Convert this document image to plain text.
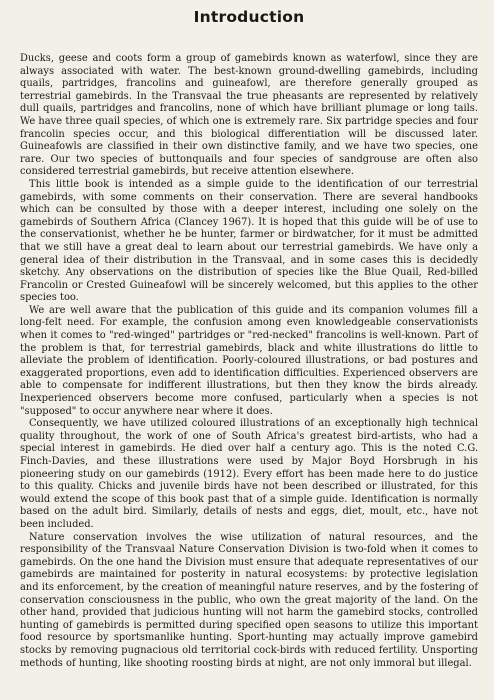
Introduction

Ducks, geese and coots form a group of gamebirds known as waterfowl, since they are always associated with water. The best-known ground-dwelling gamebirds, including quails, partridges, francolins and guineafowl, are therefore generally grouped as terrestrial gamebirds. In the Transvaal the true pheasants are represented by relatively dull quails, partridges and francolins, none of which have brilliant plumage or long tails. We have three quail species, of which one is extremely rare. Six partridge species and four francolin species occur, and this biological differentiation will be discussed later. Guineafowls are classified in their own distinctive family, and we have two species, one rare. Our two species of buttonquails and four species of sandgrouse are often also considered terrestrial gamebirds, but receive attention elsewhere.

This little book is intended as a simple guide to the identification of our terrestrial gamebirds, with some comments on their conservation. There are several handbooks which can be consulted by those with a deeper interest, including one solely on the gamebirds of Southern Africa (Clancey 1967). It is hoped that this guide will be of use to the conservationist, whether he be hunter, farmer or birdwatcher, for it must be admitted that we still have a great deal to learn about our terrestrial gamebirds. We have only a general idea of their distribution in the Transvaal, and in some cases this is decidedly sketchy. Any observations on the distribution of species like the Blue Quail, Red-billed Francolin or Crested Guineafowl will be sincerely welcomed, but this applies to the other species too.

We are well aware that the publication of this guide and its companion volumes fill a long-felt need. For example, the confusion among even knowledgeable conservationists when it comes to "red-winged" partridges or "red-necked" francolins is well-known. Part of the problem is that, for terrestrial gamebirds, black and white illustrations do little to alleviate the problem of identification. Poorly-coloured illustrations, or bad postures and exaggerated proportions, even add to identification difficulties. Experienced observers are able to compensate for indifferent illustrations, but then they know the birds already. Inexperienced observers become more confused, particularly when a species is not "supposed" to occur anywhere near where it does.

Consequently, we have utilized coloured illustrations of an exceptionally high technical quality throughout, the work of one of South Africa's greatest bird-artists, who had a special interest in gamebirds. He died over half a century ago. This is the noted C.G. Finch-Davies, and these illustrations were used by Major Boyd Horsbrugh in his pioneering study on our gamebirds (1912). Every effort has been made here to do justice to this quality. Chicks and juvenile birds have not been described or illustrated, for this would extend the scope of this book past that of a simple guide. Identification is normally based on the adult bird. Similarly, details of nests and eggs, diet, moult, etc., have not been included.

Nature conservation involves the wise utilization of natural resources, and the responsibility of the Transvaal Nature Conservation Division is two-fold when it comes to gamebirds. On the one hand the Division must ensure that adequate representatives of our gamebirds are maintained for posterity in natural ecosystems: by protective legislation and its enforcement, by the creation of meaningful nature reserves, and by the fostering of conservation consciousness in the public, who own the great majority of the land. On the other hand, provided that judicious hunting will not harm the gamebird stocks, controlled hunting of gamebirds is permitted during specified open seasons to utilize this important food resource by sportsmanlike hunting. Sport-hunting may actually improve gamebird stocks by removing pugnacious old territorial cock-birds with reduced fertility. Unsporting methods of hunting, like shooting roosting birds at night, are not only immoral but illegal.
